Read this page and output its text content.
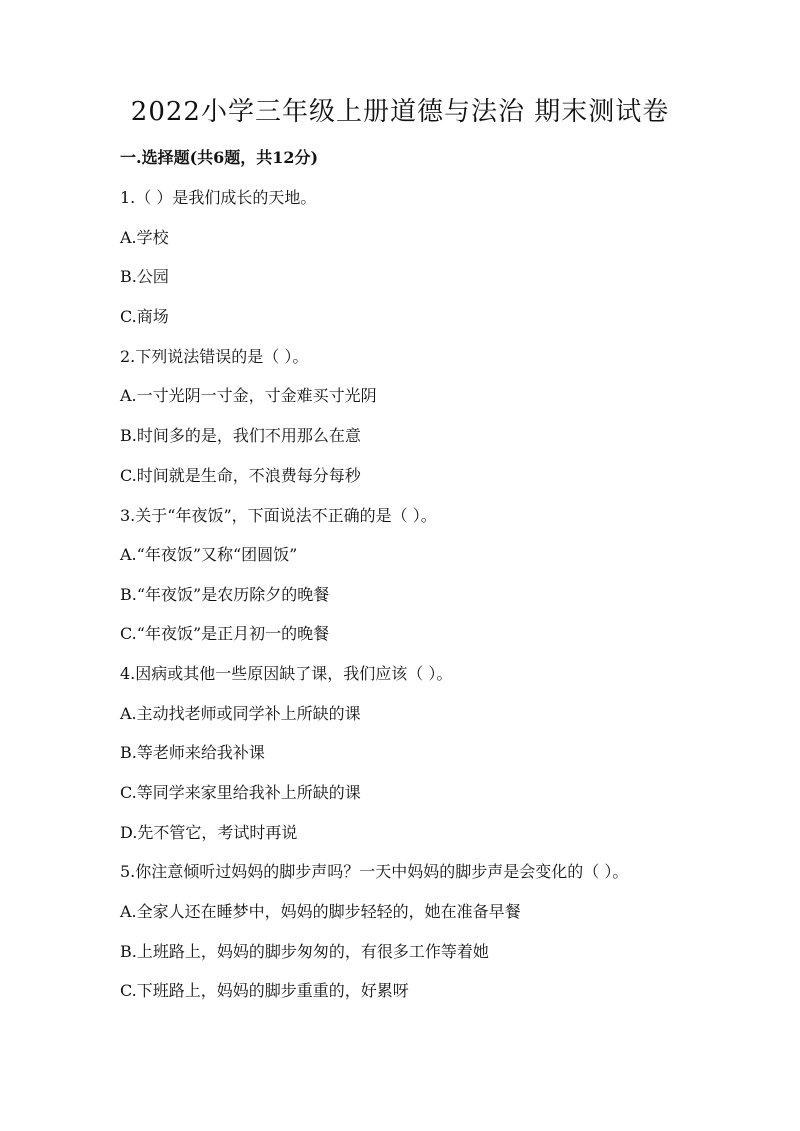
2022小学三年级上册道德与法治 期末测试卷
一.选择题(共6题，共12分)
1.（ ）是我们成长的天地。
A.学校
B.公园
C.商场
2.下列说法错误的是（ ）。
A.一寸光阴一寸金，寸金难买寸光阴
B.时间多的是，我们不用那么在意
C.时间就是生命，不浪费每分每秒
3.关于“年夜饭”，下面说法不正确的是（ ）。
A.“年夜饭”又称“团圆饭”
B.“年夜饭”是农历除夕的晚餐
C.“年夜饭”是正月初一的晚餐
4.因病或其他一些原因缺了课，我们应该（ ）。
A.主动找老师或同学补上所缺的课
B.等老师来给我补课
C.等同学来家里给我补上所缺的课
D.先不管它，考试时再说
5.你注意倾听过妈妈的脚步声吗？一天中妈妈的脚步声是会变化的（ ）。
A.全家人还在睡梦中，妈妈的脚步轻轻的，她在准备早餐
B.上班路上，妈妈的脚步匆匆的，有很多工作等着她
C.下班路上，妈妈的脚步重重的，好累呀
